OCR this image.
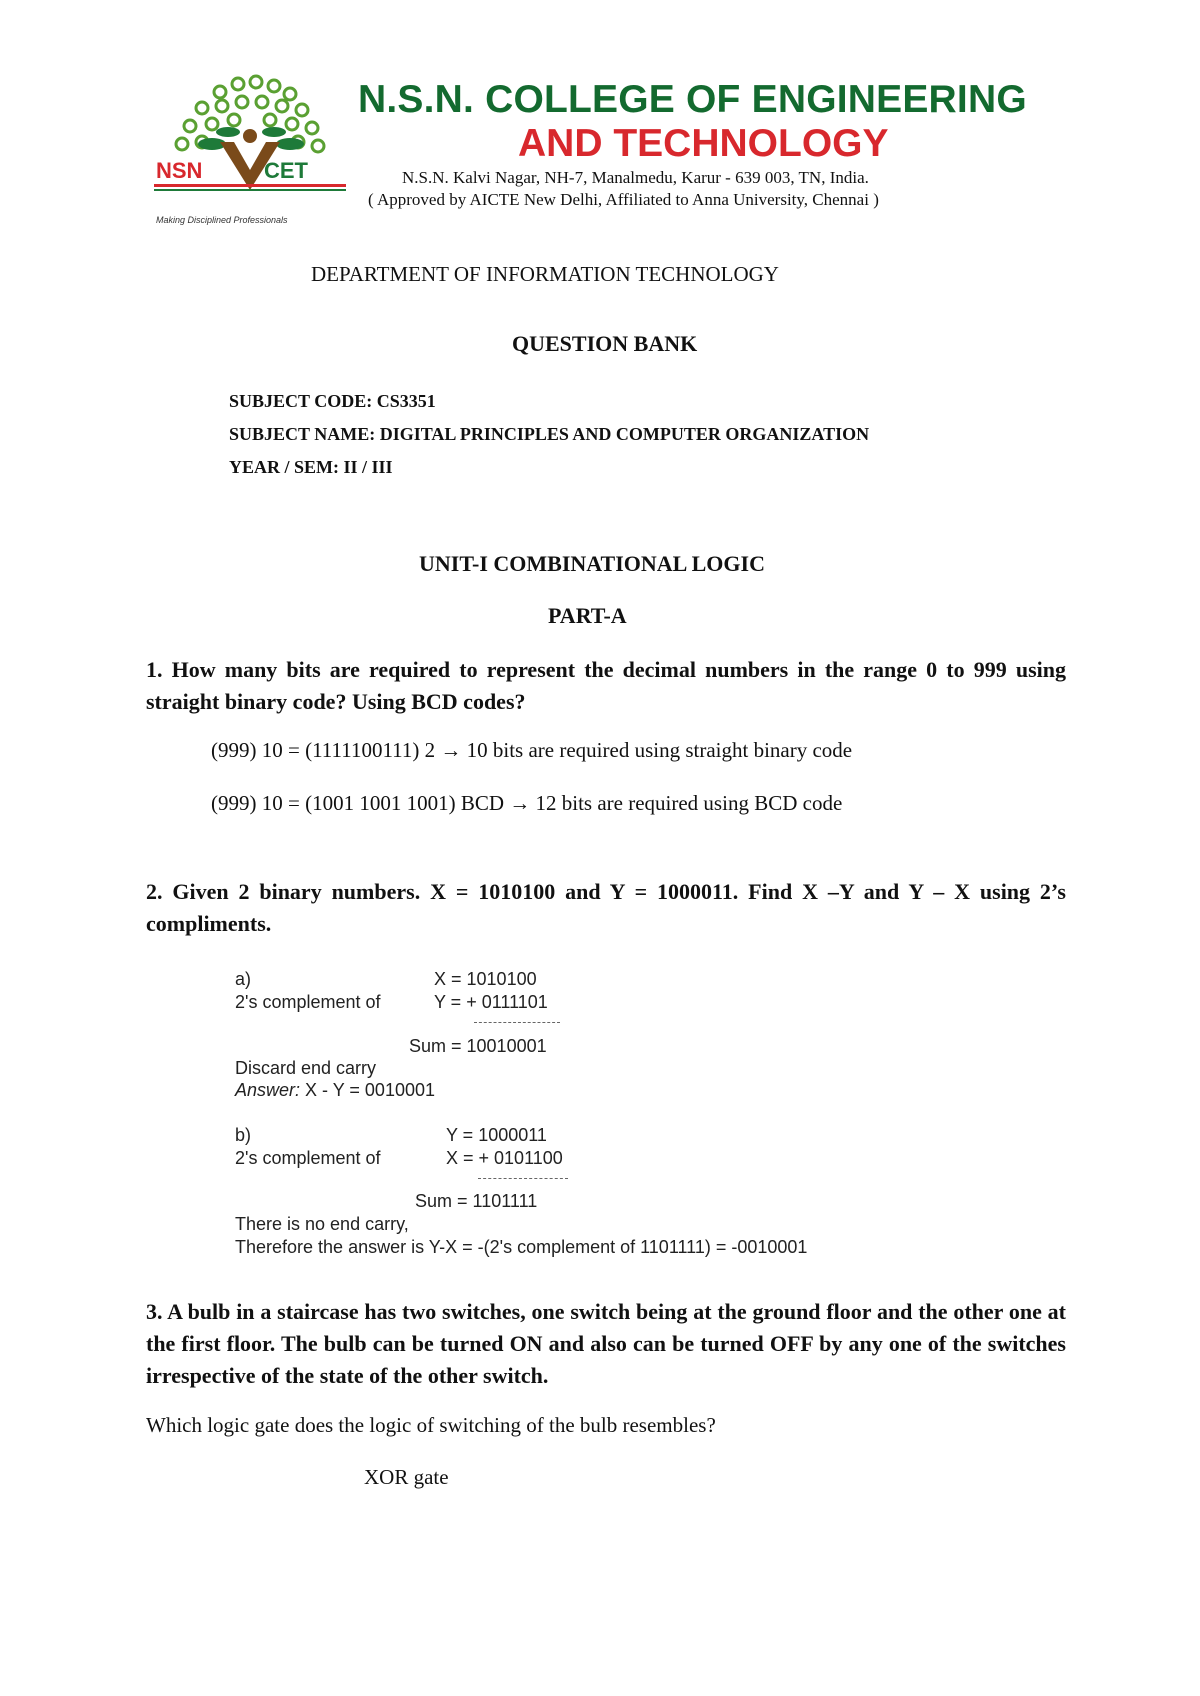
NSN	CET
Making Disciplined Professionals
N.S.N. COLLEGE OF ENGINEERING
AND TECHNOLOGY
N.S.N. Kalvi Nagar, NH-7, Manalmedu, Karur - 639 003, TN, India.
( Approved by AICTE New Delhi, Affiliated to Anna University, Chennai )
DEPARTMENT OF INFORMATION TECHNOLOGY
QUESTION BANK
SUBJECT CODE: CS3351
SUBJECT NAME: DIGITAL PRINCIPLES AND COMPUTER ORGANIZATION
YEAR / SEM: II / III
UNIT-I COMBINATIONAL LOGIC
PART-A
1. How many bits are required to represent the decimal numbers in the range 0 to 999 using straight binary code? Using BCD codes?
(999) 10 = (1111100111) 2 → 10 bits are required using straight binary code
(999) 10 = (1001 1001 1001) BCD → 12 bits are required using BCD code
2. Given 2 binary numbers. X = 1010100 and Y = 1000011. Find X –Y and Y – X using 2’s compliments.
a)	X = 1010100
2's complement of	Y = + 0111101
Sum = 10010001
Discard end carry
Answer: X - Y = 0010001
b)	Y = 1000011
2's complement of	X = + 0101100
Sum = 1101111
There is no end carry,
Therefore the answer is Y-X = -(2's complement of 1101111) = -0010001
3. A bulb in a staircase has two switches, one switch being at the ground floor and the other one at the first floor. The bulb can be turned ON and also can be turned OFF by any one of the switches irrespective of the state of the other switch.
Which logic gate does the logic of switching of the bulb resembles?
XOR gate
